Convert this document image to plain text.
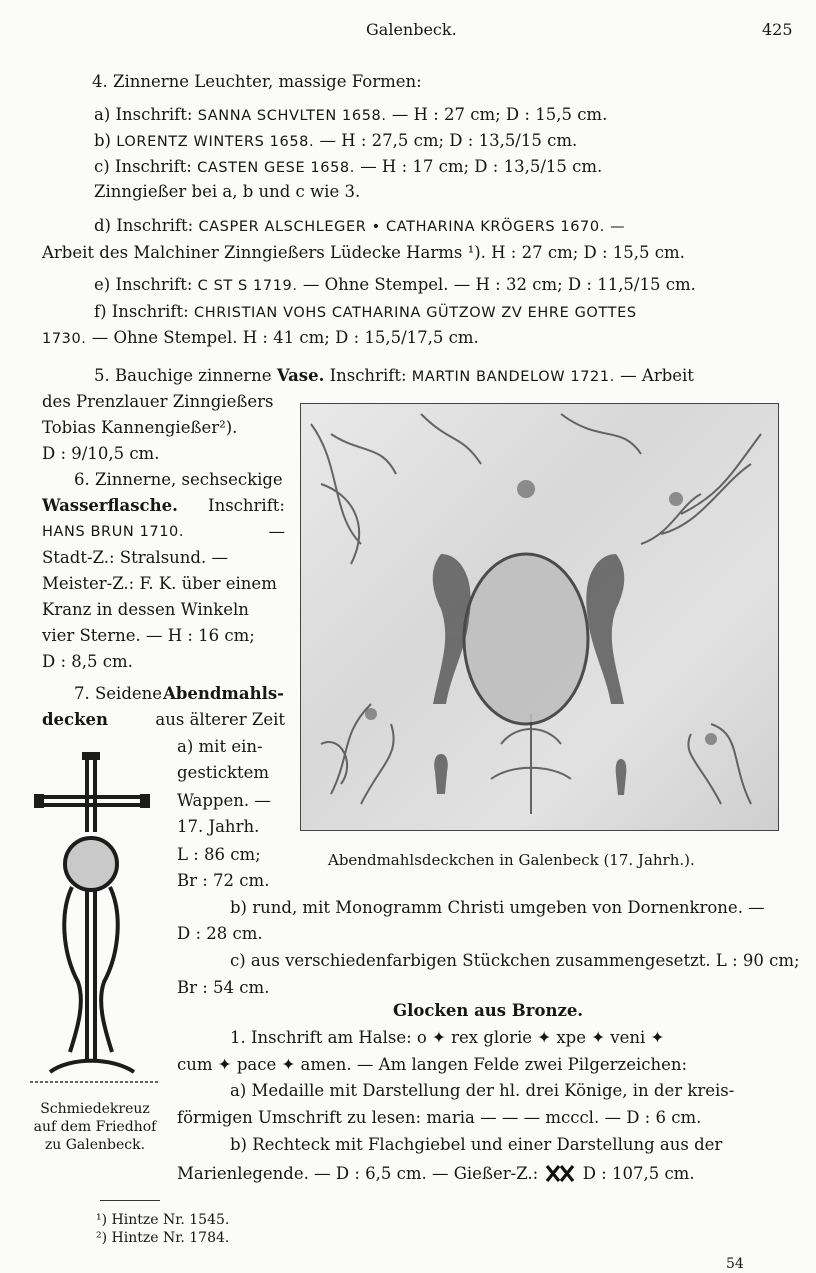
Galenbeck.	425
4. Zinnerne Leuchter, massige Formen:
a) Inschrift: SANNA SCHVLTEN 1658. — H : 27 cm; D : 15,5 cm.
b) LORENTZ WINTERS 1658. — H : 27,5 cm; D : 13,5/15 cm.
c) Inschrift: CASTEN GESE 1658. — H : 17 cm; D : 13,5/15 cm.
Zinngießer bei a, b und c wie 3.
d) Inschrift: CASPER ALSCHLEGER • CATHARINA KRÖGERS 1670. —
Arbeit des Malchiner Zinngießers Lüdecke Harms ¹). H : 27 cm; D : 15,5 cm.
e) Inschrift: C ST S 1719. — Ohne Stempel. — H : 32 cm; D : 11,5/15 cm.
f) Inschrift: CHRISTIAN VOHS CATHARINA GÜTZOW ZV EHRE GOTTES
1730. — Ohne Stempel. H : 41 cm; D : 15,5/17,5 cm.
5. Bauchige zinnerne Vase. Inschrift: MARTIN BANDELOW 1721. — Arbeit
des Prenzlauer Zinngießers
Tobias Kannengießer²).
D : 9/10,5 cm.
6. Zinnerne, sechseckige
Wasserflasche. Inschrift:
HANS BRUN 1710.	—
Stadt-Z.: Stralsund. —
Meister-Z.: F. K. über einem
Kranz in dessen Winkeln
vier Sterne. — H : 16 cm;
D : 8,5 cm.
7. Seidene Abendmahls-
decken	aus älterer Zeit
a) mit ein-
gesticktem
Wappen. —
17. Jahrh.
L : 86 cm;
Br : 72 cm.
b) rund, mit Monogramm Christi umgeben von Dornenkrone. —
D : 28 cm.
c) aus verschiedenfarbigen Stückchen zusammengesetzt. L : 90 cm;
Br : 54 cm.
Abendmahlsdeckchen in Galenbeck (17. Jahrh.).
Schmiedekreuz
auf dem Friedhof
zu Galenbeck.
Glocken aus Bronze.
1. Inschrift am Halse: o ✦ rex glorie ✦ xpe ✦ veni ✦
cum ✦ pace ✦ amen. — Am langen Felde zwei Pilgerzeichen:
a) Medaille mit Darstellung der hl. drei Könige, in der kreis-
förmigen Umschrift zu lesen: maria — — — mcccl. — D : 6 cm.
b) Rechteck mit Flachgiebel und einer Darstellung aus der
Marienlegende. — D : 6,5 cm. — Gießer-Z.:	D : 107,5 cm.
¹) Hintze Nr. 1545.
²) Hintze Nr. 1784.
54
